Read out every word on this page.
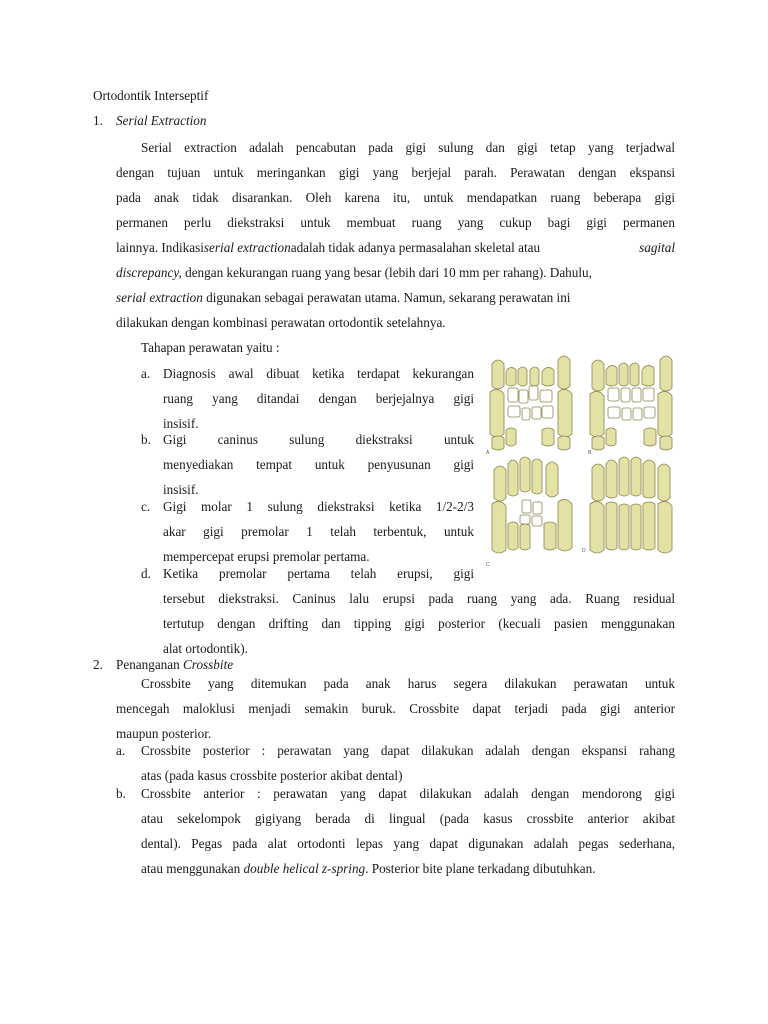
Ortodontik Interseptif
1. Serial Extraction
Serial extraction adalah pencabutan pada gigi sulung dan gigi tetap yang terjadwal
dengan tujuan untuk meringankan gigi yang berjejal parah. Perawatan dengan ekspansi
pada anak tidak disarankan. Oleh karena itu, untuk mendapatkan ruang beberapa gigi
permanen perlu diekstraksi untuk membuat ruang yang cukup bagi gigi permanen
lainnya. Indikasi serial extraction adalah tidak adanya permasalahan skeletal atau	sagital
discrepancy, dengan kekurangan ruang yang besar (lebih dari 10 mm per rahang). Dahulu,
serial extraction digunakan sebagai perawatan utama. Namun, sekarang perawatan ini
dilakukan dengan kombinasi perawatan ortodontik setelahnya.
Tahapan perawatan yaitu :
a. Diagnosis awal dibuat ketika terdapat kekurangan
ruang yang ditandai dengan berjejalnya gigi
insisif.
b. Gigi caninus sulung diekstraksi untuk
menyediakan tempat untuk penyusunan gigi
insisif.
c. Gigi molar 1 sulung diekstraksi ketika 1/2-2/3
akar gigi premolar 1 telah terbentuk, untuk
mempercepat erupsi premolar pertama.
d. Ketika premolar pertama telah erupsi, gigi
tersebut diekstraksi. Caninus lalu erupsi pada ruang yang ada. Ruang residual
tertutup dengan drifting dan tipping gigi posterior (kecuali pasien menggunakan
alat ortodontik).
A	B
C
D
2. Penanganan Crossbite
Crossbite yang ditemukan pada anak harus segera dilakukan perawatan untuk
mencegah maloklusi menjadi semakin buruk. Crossbite dapat terjadi pada gigi anterior
maupun posterior.
a. Crossbite posterior : perawatan yang dapat dilakukan adalah dengan ekspansi rahang
atas (pada kasus crossbite posterior akibat dental)
b. Crossbite anterior : perawatan yang dapat dilakukan adalah dengan mendorong gigi
atau sekelompok gigiyang berada di lingual (pada kasus crossbite anterior akibat
dental). Pegas pada alat ortodonti lepas yang dapat digunakan adalah pegas sederhana,
atau menggunakan double helical z-spring. Posterior bite plane terkadang dibutuhkan.
